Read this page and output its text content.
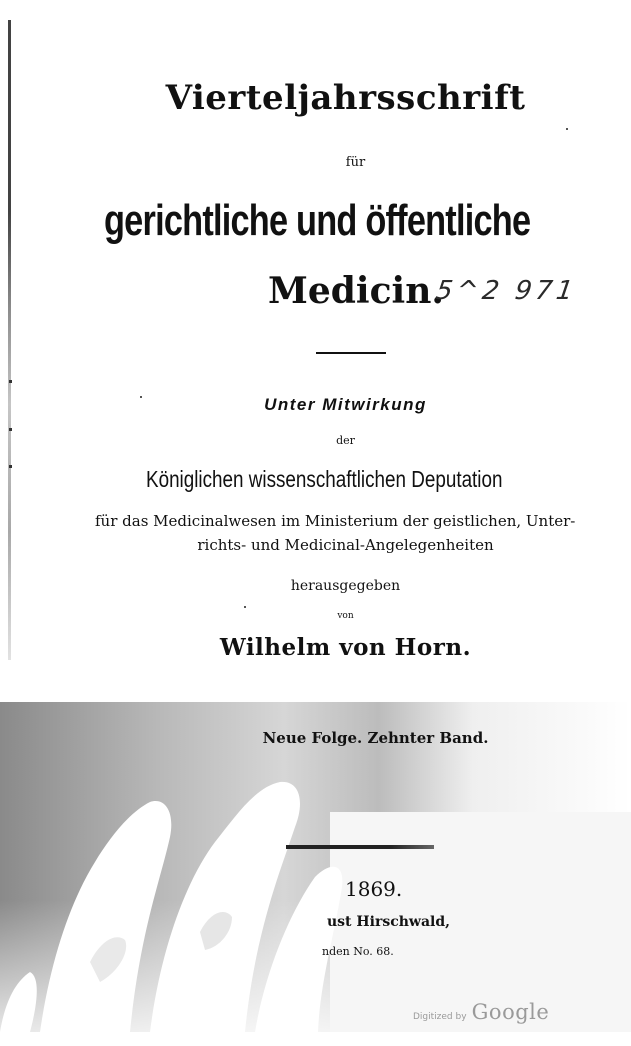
Vierteljahrsschrift
für
gerichtliche und öffentliche
Medicin.
5^2 971
Unter Mitwirkung
der
Königlichen wissenschaftlichen Deputation
für das Medicinalwesen im Ministerium der geistlichen, Unter-
richts- und Medicinal-Angelegenheiten
herausgegeben
von
Wilhelm von Horn.
Neue Folge. Zehnter Band.
1869.
ust Hirschwald,
nden No. 68.
Digitized by Google
